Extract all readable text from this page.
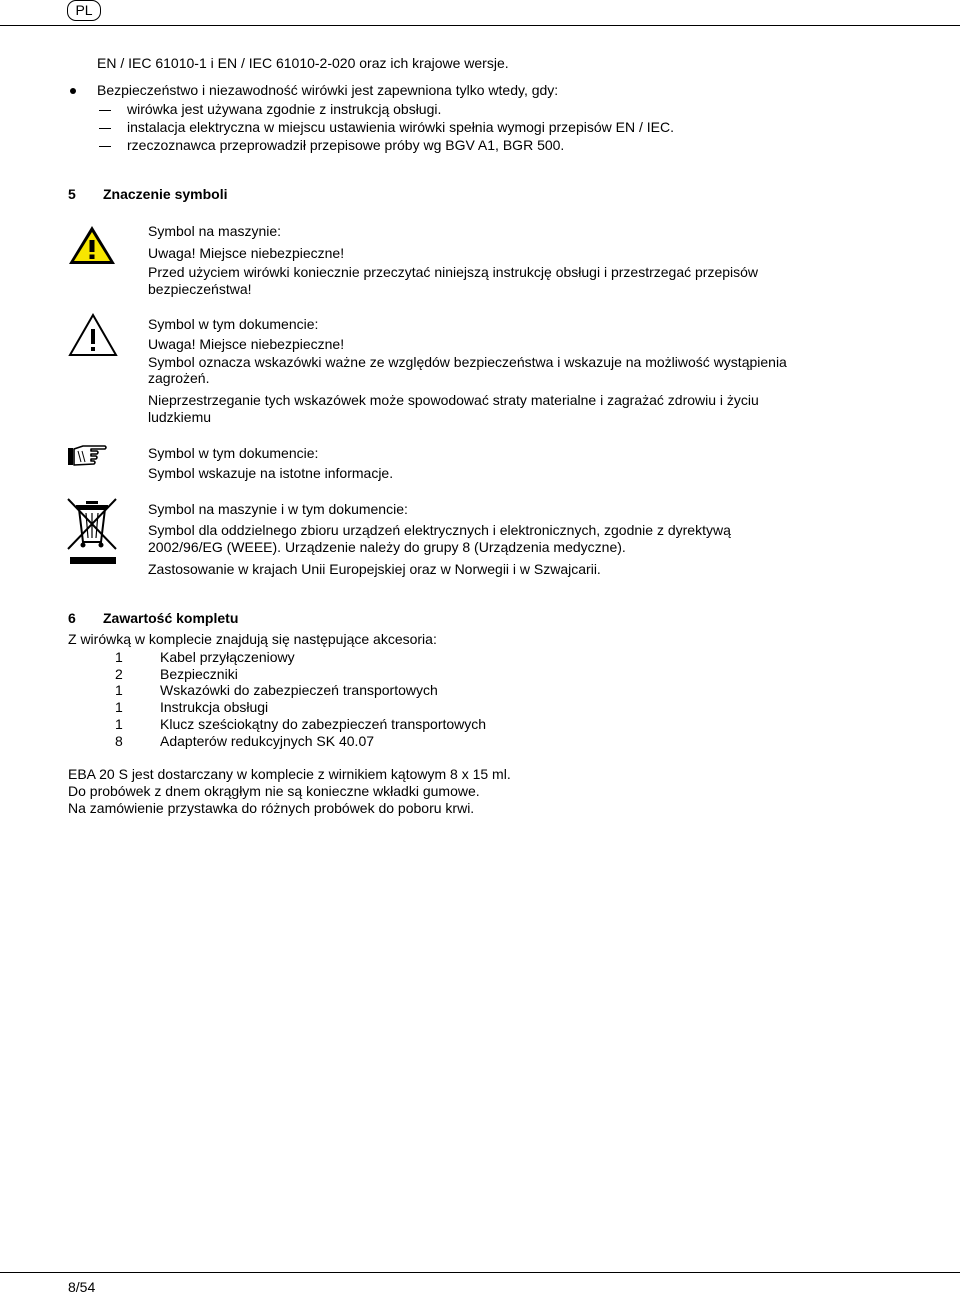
PL
EN / IEC 61010-1 i EN / IEC 61010-2-020 oraz ich krajowe wersje.
Bezpieczeństwo i niezawodność wirówki jest zapewniona tylko wtedy, gdy:
wirówka jest używana zgodnie z instrukcją obsługi.
instalacja elektryczna w miejscu ustawienia wirówki spełnia wymogi przepisów EN / IEC.
rzeczoznawca przeprowadził przepisowe próby wg BGV A1, BGR 500.
5 Znaczenie symboli
Symbol na maszynie:
Uwaga! Miejsce niebezpieczne!
Przed użyciem wirówki koniecznie przeczytać niniejszą instrukcję obsługi i przestrzegać przepisów
bezpieczeństwa!
Symbol w tym dokumencie:
Uwaga! Miejsce niebezpieczne!
Symbol oznacza wskazówki ważne ze względów bezpieczeństwa i wskazuje na możliwość wystąpienia
zagrożeń.
Nieprzestrzeganie tych wskazówek może spowodować straty materialne i zagrażać zdrowiu i życiu
ludzkiemu
Symbol w tym dokumencie:
Symbol wskazuje na istotne informacje.
Symbol na maszynie i w tym dokumencie:
Symbol dla oddzielnego zbioru urządzeń elektrycznych i elektronicznych, zgodnie z dyrektywą
2002/96/EG (WEEE). Urządzenie należy do grupy 8 (Urządzenia medyczne).
Zastosowanie w krajach Unii Europejskiej oraz w Norwegii i w Szwajcarii.
6 Zawartość kompletu
Z wirówką w komplecie znajdują się następujące akcesoria:
1	Kabel przyłączeniowy
2	Bezpieczniki
1	Wskazówki do zabezpieczeń transportowych
1	Instrukcja obsługi
1	Klucz sześciokątny do zabezpieczeń transportowych
8	Adapterów redukcyjnych SK 40.07
EBA 20 S jest dostarczany w komplecie z wirnikiem kątowym 8 x 15 ml.
Do probówek z dnem okrągłym nie są konieczne wkładki gumowe.
Na zamówienie przystawka do różnych probówek do poboru krwi.
8/54
